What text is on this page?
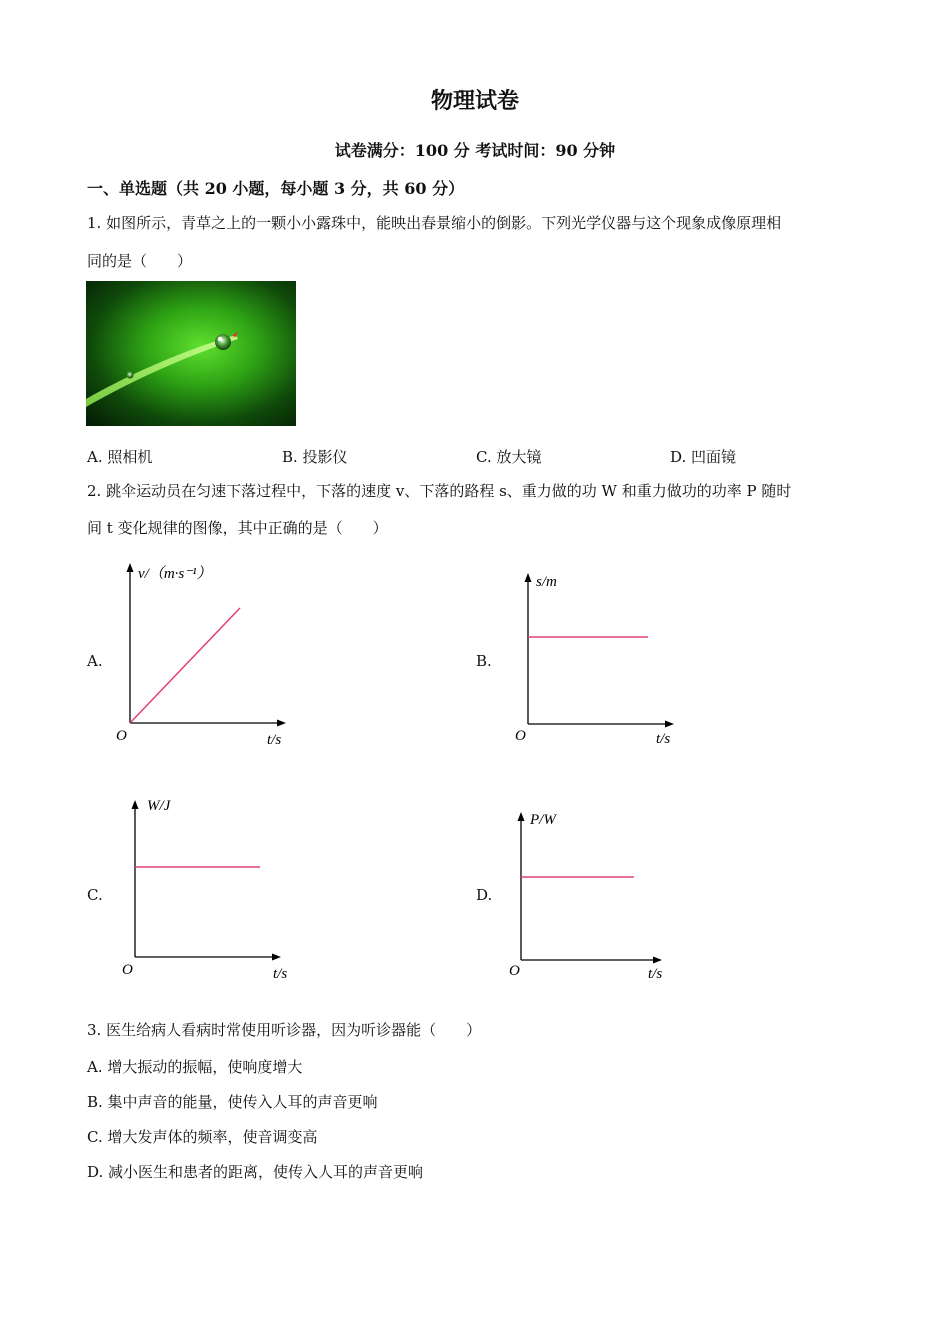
物理试卷
试卷满分：100 分 考试时间：90 分钟
一、单选题（共 20 小题，每小题 3 分，共 60 分）
1. 如图所示，青草之上的一颗小小露珠中，能映出春景缩小的倒影。下列光学仪器与这个现象成像原理相
同的是（　　）
A. 照相机	B. 投影仪	C. 放大镜	D. 凹面镜
2. 跳伞运动员在匀速下落过程中，下落的速度 v、下落的路程 s、重力做的功 W 和重力做功的功率 P 随时
间 t 变化规律的图像，其中正确的是（　　）
A.
v/（m·s⁻¹）
O	t/s
B.
s/m
O	t/s
C.
W/J
O	t/s
D.
P/W
O	t/s
3. 医生给病人看病时常使用听诊器，因为听诊器能（　　）
A. 增大振动的振幅，使响度增大
B. 集中声音的能量，使传入人耳的声音更响
C. 增大发声体的频率，使音调变高
D. 减小医生和患者的距离，使传入人耳的声音更响
